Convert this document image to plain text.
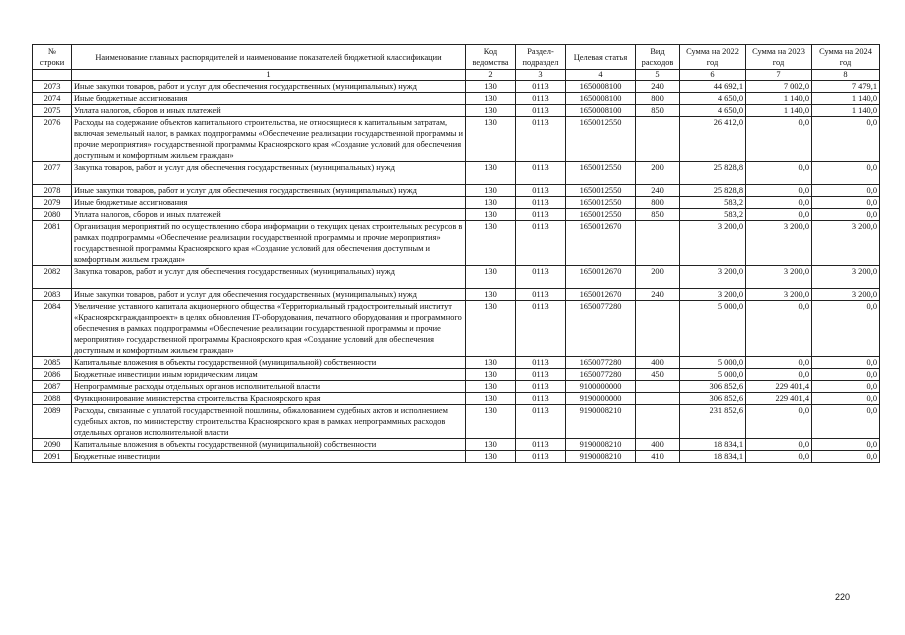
№ строки	Наименование главных распорядителей и наименование показателей бюджетной классификации	Код ведомства	Раздел-подраздел	Целевая статья	Вид расходов	Сумма на 2022 год	Сумма на 2023 год	Сумма на 2024 год
	1	2	3	4	5	6	7	8
2073	Иные закупки товаров, работ и услуг для обеспечения государственных (муниципальных) нужд	130	0113	1650008100	240	44 692,1	7 002,0	7 479,1
2074	Иные бюджетные ассигнования	130	0113	1650008100	800	4 650,0	1 140,0	1 140,0
2075	Уплата налогов, сборов и иных платежей	130	0113	1650008100	850	4 650,0	1 140,0	1 140,0
2076	Расходы на содержание объектов капитального строительства, не относящиеся к капитальным затратам, включая земельный налог, в рамках подпрограммы «Обеспечение реализации государственной программы и прочие мероприятия» государственной программы Красноярского края «Создание условий для обеспечения доступным и комфортным жильем граждан»	130	0113	1650012550		26 412,0	0,0	0,0
2077	Закупка товаров, работ и услуг для обеспечения государственных (муниципальных) нужд	130	0113	1650012550	200	25 828,8	0,0	0,0
2078	Иные закупки товаров, работ и услуг для обеспечения государственных (муниципальных) нужд	130	0113	1650012550	240	25 828,8	0,0	0,0
2079	Иные бюджетные ассигнования	130	0113	1650012550	800	583,2	0,0	0,0
2080	Уплата налогов, сборов и иных платежей	130	0113	1650012550	850	583,2	0,0	0,0
2081	Организация мероприятий по осуществлению сбора информации о текущих ценах строительных ресурсов в рамках подпрограммы «Обеспечение реализации государственной программы и прочие мероприятия» государственной программы Красноярского края «Создание условий для обеспечения доступным и комфортным жильем граждан»	130	0113	1650012670		3 200,0	3 200,0	3 200,0
2082	Закупка товаров, работ и услуг для обеспечения государственных (муниципальных) нужд	130	0113	1650012670	200	3 200,0	3 200,0	3 200,0
2083	Иные закупки товаров, работ и услуг для обеспечения государственных (муниципальных) нужд	130	0113	1650012670	240	3 200,0	3 200,0	3 200,0
2084	Увеличение уставного капитала акционерного общества «Территориальный градостроительный институт «Красноярскгражданпроект» в целях обновления IT-оборудования, печатного оборудования и программного обеспечения в рамках подпрограммы «Обеспечение реализации государственной программы и прочие мероприятия» государственной программы Красноярского края «Создание условий для обеспечения доступным и комфортным жильем граждан»	130	0113	1650077280		5 000,0	0,0	0,0
2085	Капитальные вложения в объекты государственной (муниципальной) собственности	130	0113	1650077280	400	5 000,0	0,0	0,0
2086	Бюджетные инвестиции иным юридическим лицам	130	0113	1650077280	450	5 000,0	0,0	0,0
2087	Непрограммные расходы отдельных органов исполнительной власти	130	0113	9100000000		306 852,6	229 401,4	0,0
2088	Функционирование министерства строительства Красноярского края	130	0113	9190000000		306 852,6	229 401,4	0,0
2089	Расходы, связанные с уплатой государственной пошлины, обжалованием судебных актов и исполнением судебных актов, по министерству строительства Красноярского края в рамках непрограммных расходов отдельных органов исполнительной власти	130	0113	9190008210		231 852,6	0,0	0,0
2090	Капитальные вложения в объекты государственной (муниципальной) собственности	130	0113	9190008210	400	18 834,1	0,0	0,0
2091	Бюджетные инвестиции	130	0113	9190008210	410	18 834,1	0,0	0,0
220
